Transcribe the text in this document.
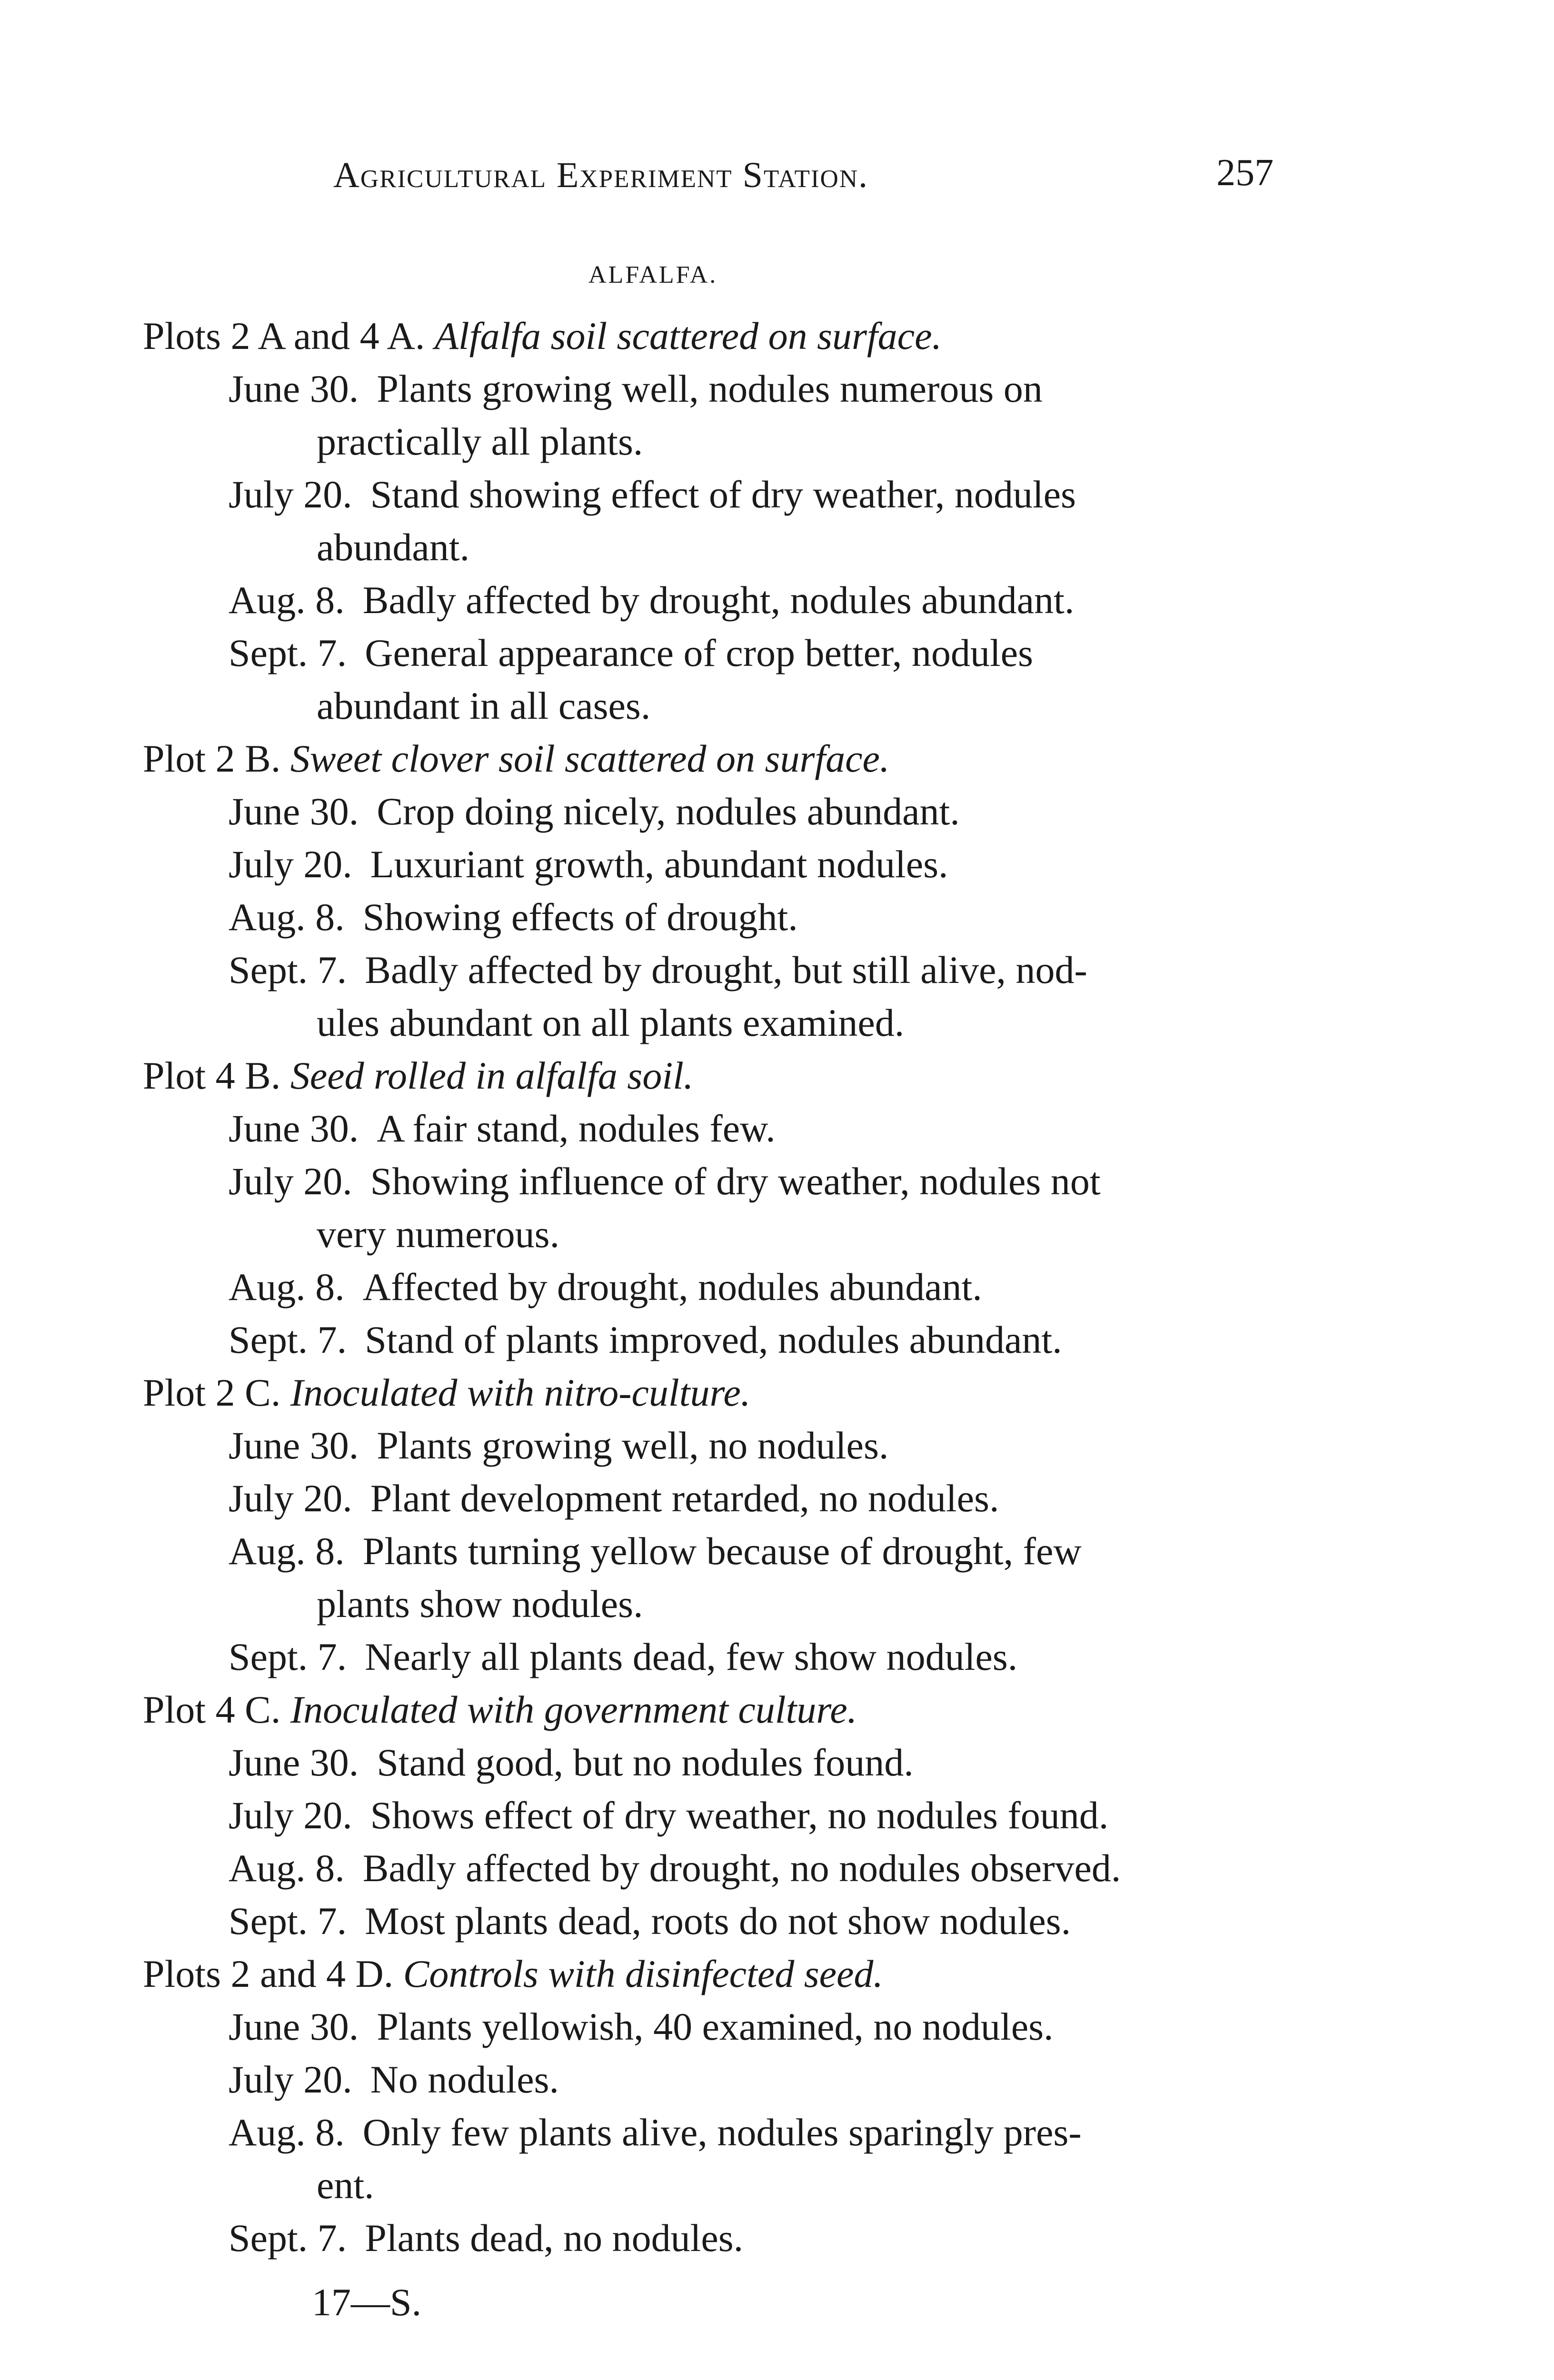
Agricultural Experiment Station.	257
ALFALFA.
Plots 2 A and 4 A. Alfalfa soil scattered on surface.
June 30. Plants growing well, nodules numerous on
practically all plants.
July 20. Stand showing effect of dry weather, nodules
abundant.
Aug. 8. Badly affected by drought, nodules abundant.
Sept. 7. General appearance of crop better, nodules
abundant in all cases.
Plot 2 B. Sweet clover soil scattered on surface.
June 30. Crop doing nicely, nodules abundant.
July 20. Luxuriant growth, abundant nodules.
Aug. 8. Showing effects of drought.
Sept. 7. Badly affected by drought, but still alive, nod-
ules abundant on all plants examined.
Plot 4 B. Seed rolled in alfalfa soil.
June 30. A fair stand, nodules few.
July 20. Showing influence of dry weather, nodules not
very numerous.
Aug. 8. Affected by drought, nodules abundant.
Sept. 7. Stand of plants improved, nodules abundant.
Plot 2 C. Inoculated with nitro-culture.
June 30. Plants growing well, no nodules.
July 20. Plant development retarded, no nodules.
Aug. 8. Plants turning yellow because of drought, few
plants show nodules.
Sept. 7. Nearly all plants dead, few show nodules.
Plot 4 C. Inoculated with government culture.
June 30. Stand good, but no nodules found.
July 20. Shows effect of dry weather, no nodules found.
Aug. 8. Badly affected by drought, no nodules observed.
Sept. 7. Most plants dead, roots do not show nodules.
Plots 2 and 4 D. Controls with disinfected seed.
June 30. Plants yellowish, 40 examined, no nodules.
July 20. No nodules.
Aug. 8. Only few plants alive, nodules sparingly pres-
ent.
Sept. 7. Plants dead, no nodules.
17—S.
